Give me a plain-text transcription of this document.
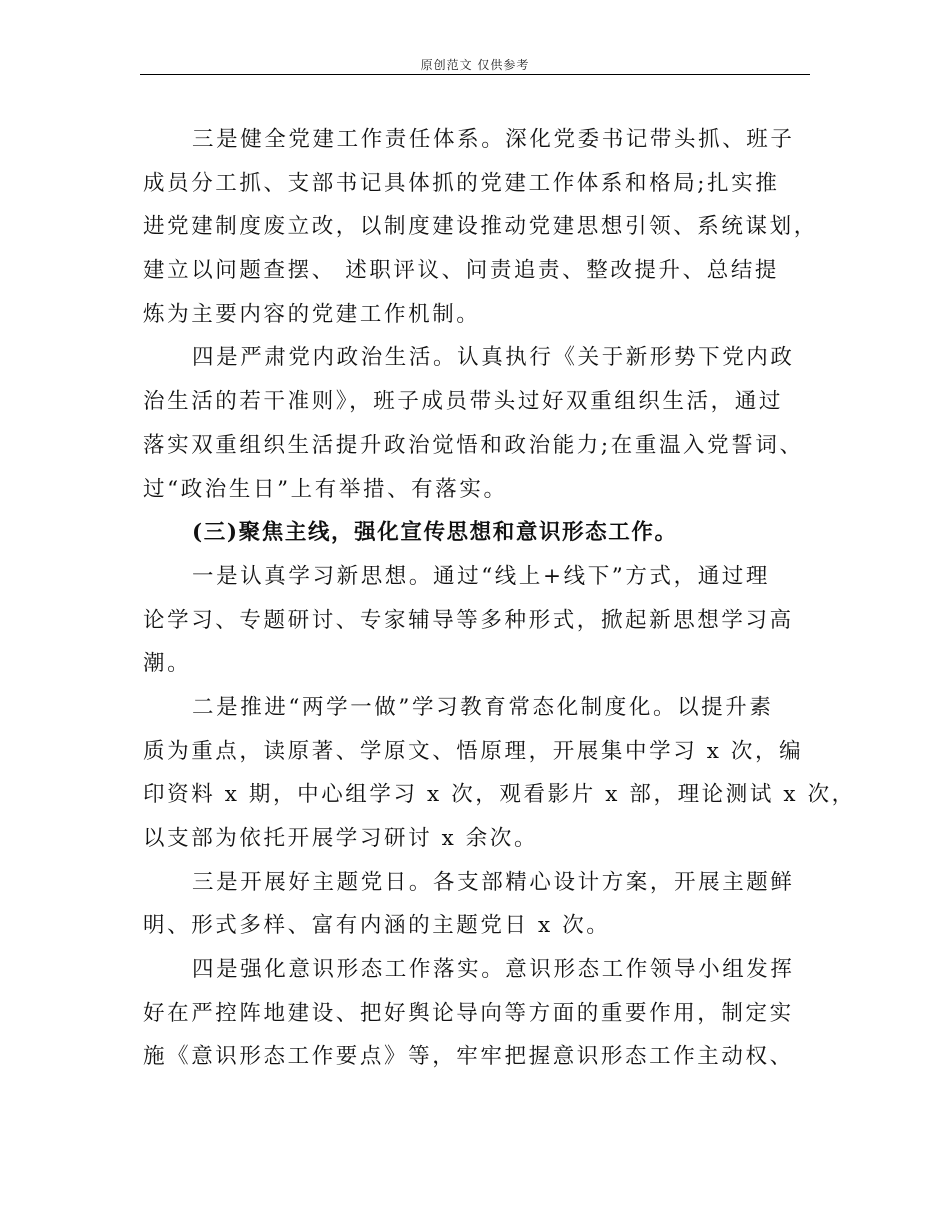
原创范文 仅供参考
三是健全党建工作责任体系。深化党委书记带头抓、班子
成员分工抓、支部书记具体抓的党建工作体系和格局;扎实推
进党建制度废立改，以制度建设推动党建思想引领、系统谋划，
建立以问题查摆、 述职评议、问责追责、整改提升、总结提
炼为主要内容的党建工作机制。
四是严肃党内政治生活。认真执行《关于新形势下党内政
治生活的若干准则》，班子成员带头过好双重组织生活，通过
落实双重组织生活提升政治觉悟和政治能力;在重温入党誓词、
过“政治生日”上有举措、有落实。
(三)聚焦主线，强化宣传思想和意识形态工作。
一是认真学习新思想。通过“线上+线下”方式，通过理
论学习、专题研讨、专家辅导等多种形式，掀起新思想学习高
潮。
二是推进“两学一做”学习教育常态化制度化。以提升素
质为重点，读原著、学原文、悟原理，开展集中学习 x 次，编
印资料 x 期，中心组学习 x 次，观看影片 x 部，理论测试 x 次，
以支部为依托开展学习研讨 x 余次。
三是开展好主题党日。各支部精心设计方案，开展主题鲜
明、形式多样、富有内涵的主题党日 x 次。
四是强化意识形态工作落实。意识形态工作领导小组发挥
好在严控阵地建设、把好舆论导向等方面的重要作用，制定实
施《意识形态工作要点》等，牢牢把握意识形态工作主动权、
